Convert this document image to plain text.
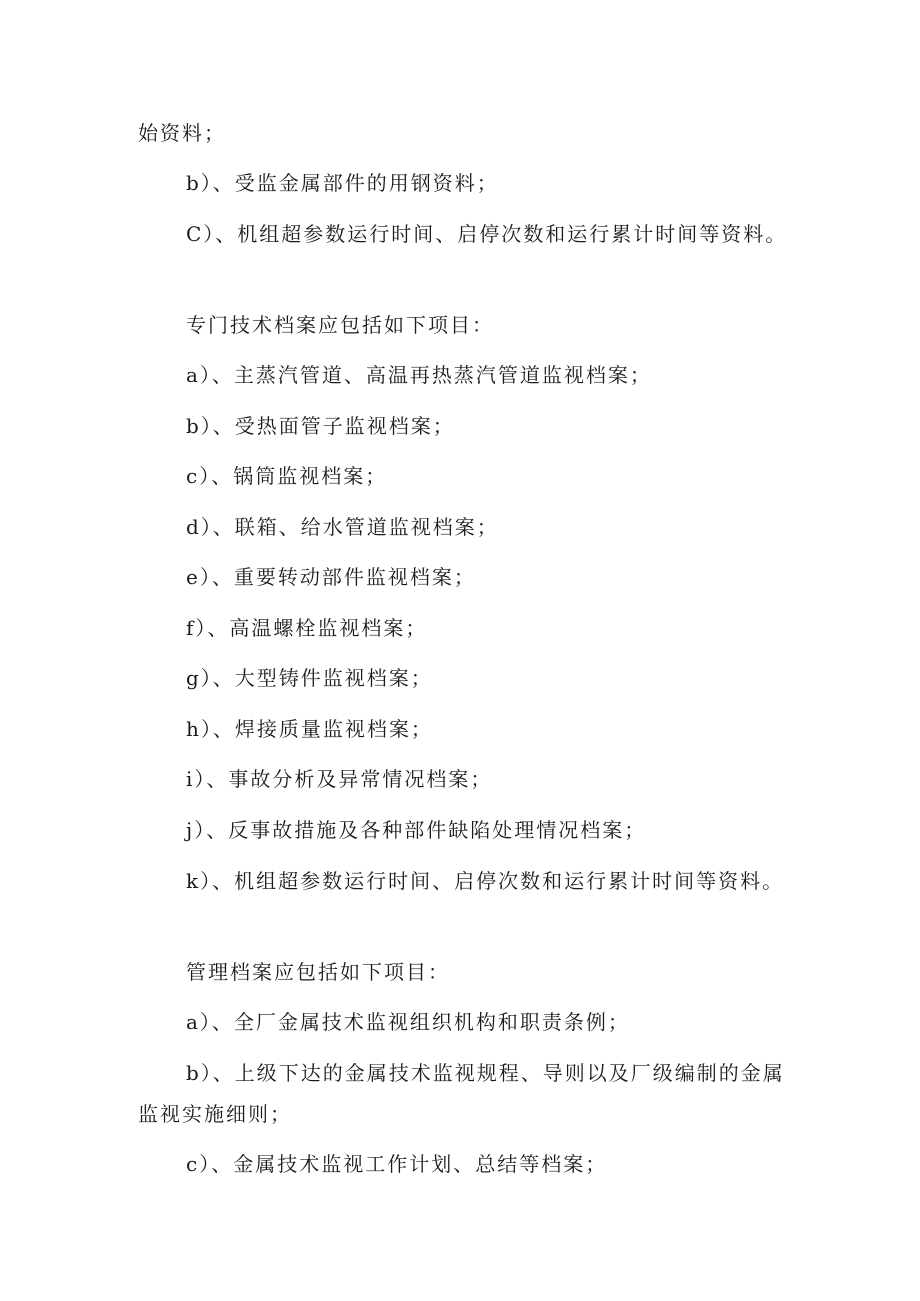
始资料；

b）、受监金属部件的用钢资料；

C）、机组超参数运行时间、启停次数和运行累计时间等资料。

专门技术档案应包括如下项目：

a）、主蒸汽管道、高温再热蒸汽管道监视档案；

b）、受热面管子监视档案；

c）、锅筒监视档案；

d）、联箱、给水管道监视档案；

e）、重要转动部件监视档案；

f）、高温螺栓监视档案；

g）、大型铸件监视档案；

h）、焊接质量监视档案；

i）、事故分析及异常情况档案；

j）、反事故措施及各种部件缺陷处理情况档案；

k）、机组超参数运行时间、启停次数和运行累计时间等资料。

管理档案应包括如下项目：

a）、全厂金属技术监视组织机构和职责条例；

b）、上级下达的金属技术监视规程、导则以及厂级编制的金属监视实施细则；

c）、金属技术监视工作计划、总结等档案；
